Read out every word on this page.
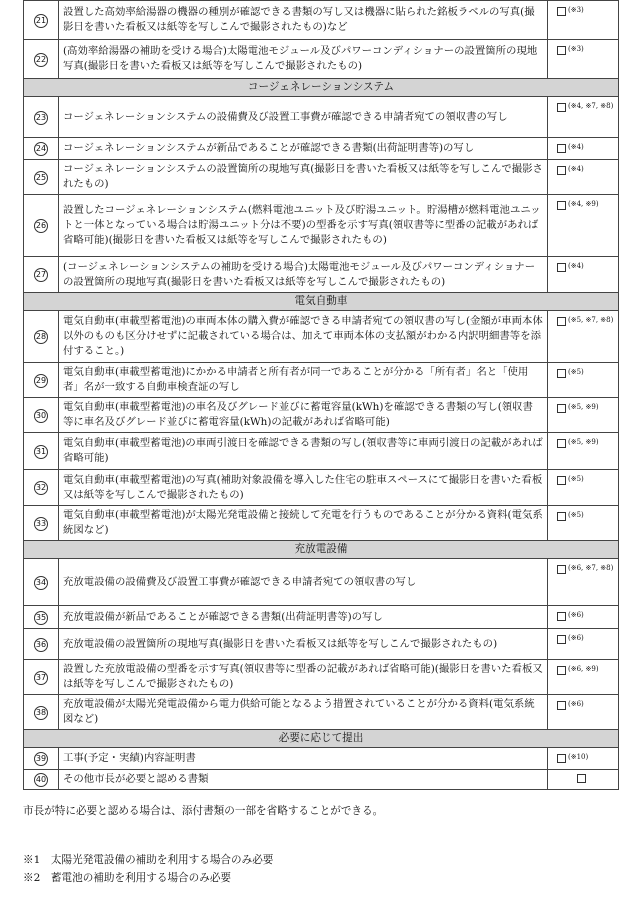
21	設置した高効率給湯器の機器の種別が確認できる書類の写し又は機器に貼られた銘板ラベルの写真(撮影日を書いた看板又は紙等を写しこんで撮影されたもの)など	$^{(※3)}$
22	(高効率給湯器の補助を受ける場合)太陽電池モジュール及びパワーコンディショナーの設置箇所の現地写真(撮影日を書いた看板又は紙等を写しこんで撮影されたもの)	$^{(※3)}$
コージェネレーションシステム		
23	コージェネレーションシステムの設備費及び設置工事費が確認できる申請者宛ての領収書の写し	$^{(※4, ※7, ※8)}$
24	コージェネレーションシステムが新品であることが確認できる書類(出荷証明書等)の写し	$^{(※4)}$
25	コージェネレーションシステムの設置箇所の現地写真(撮影日を書いた看板又は紙等を写しこんで撮影されたもの)	$^{(※4)}$
26	設置したコージェネレーションシステム(燃料電池ユニット及び貯湯ユニット。貯湯槽が燃料電池ユニットと一体となっている場合は貯湯ユニット分は不要)の型番を示す写真(領収書等に型番の記載があれば省略可能)(撮影日を書いた看板又は紙等を写しこんで撮影されたもの)	$^{(※4, ※9)}$
27	(コージェネレーションシステムの補助を受ける場合)太陽電池モジュール及びパワーコンディショナーの設置箇所の現地写真(撮影日を書いた看板又は紙等を写しこんで撮影されたもの)	$^{(※4)}$
電気自動車		
28	電気自動車(車載型蓄電池)の車両本体の購入費が確認できる申請者宛ての領収書の写し(金額が車両本体以外のものも区分けせずに記載されている場合は、加えて車両本体の支払額がわかる内訳明細書等を添付すること。)	$^{(※5, ※7, ※8)}$
29	電気自動車(車載型蓄電池)にかかる申請者と所有者が同一であることが分かる「所有者」名と「使用者」名が一致する自動車検査証の写し	$^{(※5)}$
30	電気自動車(車載型蓄電池)の車名及びグレード並びに蓄電容量(kWh)を確認できる書類の写し(領収書等に車名及びグレード並びに蓄電容量(kWh)の記載があれば省略可能)	$^{(※5, ※9)}$
31	電気自動車(車載型蓄電池)の車両引渡日を確認できる書類の写し(領収書等に車両引渡日の記載があれば省略可能)	$^{(※5, ※9)}$
32	電気自動車(車載型蓄電池)の写真(補助対象設備を導入した住宅の駐車スペースにて撮影日を書いた看板又は紙等を写しこんで撮影されたもの)	$^{(※5)}$
33	電気自動車(車載型蓄電池)が太陽光発電設備と接続して充電を行うものであることが分かる資料(電気系統図など)	$^{(※5)}$
充放電設備		
34	充放電設備の設備費及び設置工事費が確認できる申請者宛ての領収書の写し	$^{(※6, ※7, ※8)}$
35	充放電設備が新品であることが確認できる書類(出荷証明書等)の写し	$^{(※6)}$
36	充放電設備の設置箇所の現地写真(撮影日を書いた看板又は紙等を写しこんで撮影されたもの)	$^{(※6)}$
37	設置した充放電設備の型番を示す写真(領収書等に型番の記載があれば省略可能)(撮影日を書いた看板又は紙等を写しこんで撮影されたもの)	$^{(※6, ※9)}$
38	充放電設備が太陽光発電設備から電力供給可能となるよう措置されていることが分かる資料(電気系統図など)	$^{(※6)}$
必要に応じて提出		
39	工事(予定・実績)内容証明書	$^{(※10)}$
40	その他市長が必要と認める書類	
市長が特に必要と認める場合は、添付書類の一部を省略することができる。
※1　太陽光発電設備の補助を利用する場合のみ必要
※2　蓄電池の補助を利用する場合のみ必要
